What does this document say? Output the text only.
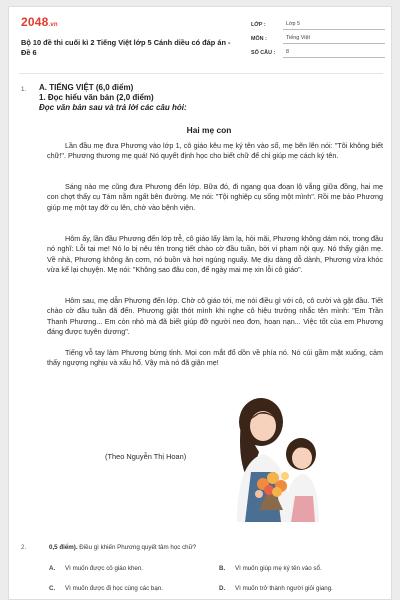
2048.vn
Bộ 10 đề thi cuối kì 2 Tiếng Việt lớp 5 Cánh diều có đáp án - Đề 6
LỚP :	Lớp 5
MÔN :	Tiếng Việt
SỐ CÂU :	8
1. A. TIẾNG VIỆT (6,0 điểm)
1. Đọc hiểu văn bản (2,0 điểm)
Đọc văn bản sau và trả lời các câu hỏi:
Hai mẹ con
Lần đầu mẹ đưa Phương vào lớp 1, cô giáo kêu mẹ ký tên vào sổ, mẹ bẽn lẽn nói: "Tôi không biết chữ!". Phương thương mẹ quá! Nó quyết định học cho biết chữ để chỉ giúp mẹ cách ký tên.
Sáng nào mẹ cũng đưa Phương đến lớp. Bữa đó, đi ngang qua đoạn lộ vắng giữa đồng, hai mẹ con chợt thấy cụ Tám nằm ngất bên đường. Mẹ nói: "Tội nghiệp cụ sống một mình". Rồi mẹ bảo Phương giúp mẹ một tay đỡ cụ lên, chở vào bệnh viện.
Hôm ấy, lần đầu Phương đến lớp trễ, cô giáo lấy làm lạ, hỏi mãi, Phương không dám nói, trong đầu nó nghĩ: Lỗi tại mẹ! Nó lo bị nêu tên trong tiết chào cờ đầu tuần, bởi vi phạm nội quy. Nó thấy giận mẹ. Về nhà, Phương không ăn cơm, nó buồn và hơi ngúng nguẩy. Mẹ dịu dàng dỗ dành, Phương vừa khóc vừa kể lại chuyện. Mẹ nói: "Không sao đâu con, để ngày mai mẹ xin lỗi cô giáo".
Hôm sau, mẹ dẫn Phương đến lớp. Chờ cô giáo tới, mẹ nói điều gì với cô, cô cười và gật đầu. Tiết chào cờ đầu tuần đã đến. Phương giật thót mình khi nghe cô hiệu trưởng nhắc tên mình: "Em Trần Thanh Phương... Em còn nhỏ mà đã biết giúp đỡ người neo đơn, hoạn nạn... Việc tốt của em Phương đáng được tuyên dương".
Tiếng vỗ tay làm Phương bừng tỉnh. Mọi con mắt đổ dồn về phía nó. Nó cúi gầm mặt xuống, cảm thấy ngượng nghịu và xấu hổ. Vậy mà nó đã giận mẹ!
(Theo Nguyễn Thị Hoan)
2.	0,5 điểm). Điều gì khiến Phương quyết tâm học chữ?
A.	Vì muốn được cô giáo khen.	B.	Vì muốn giúp mẹ ký tên vào sổ.
C.	Vì muốn được đi học cùng các bạn.	D.	Vì muốn trở thành người giỏi giang.
